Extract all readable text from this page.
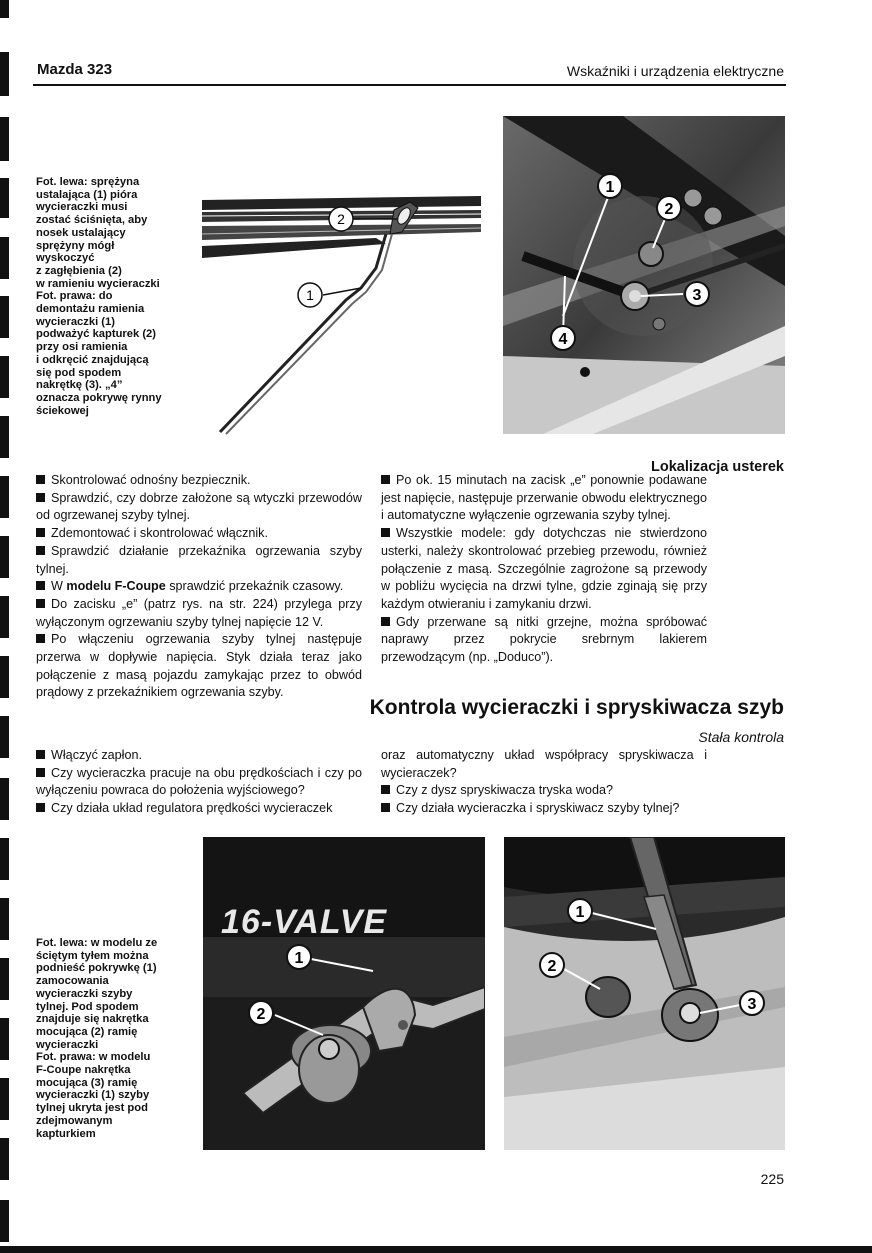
Mazda 323	Wskaźniki i urządzenia elektryczne
Fot. lewa: sprężyna
ustalająca (1) pióra
wycieraczki musi
zostać ściśnięta, aby
nosek ustalający
sprężyny mógł
wyskoczyć
z zagłębienia (2)
w ramieniu wycieraczki
Fot. prawa: do
demontażu ramienia
wycieraczki (1)
podważyć kapturek (2)
przy osi ramienia
i odkręcić znajdującą
się pod spodem
nakrętkę (3). „4”
oznacza pokrywę rynny
ściekowej
2
1
1
2
3
4
Lokalizacja usterek

Skontrolować odnośny bezpiecznik.

Sprawdzić, czy dobrze założone są wtyczki przewodów od ogrzewanej szyby tylnej.

Zdemontować i skontrolować włącznik.

Sprawdzić działanie przekaźnika ogrzewania szyby tylnej.

W modelu F-Coupe sprawdzić przekaźnik czasowy.

Do zacisku „e” (patrz rys. na str. 224) przylega przy wyłączonym ogrzewaniu szyby tylnej napięcie 12 V.

Po włączeniu ogrzewania szyby tylnej następuje przerwa w dopływie napięcia. Styk działa teraz jako połączenie z masą pojazdu zamykając przez to obwód prądowy z przekaźnikiem ogrzewania szyby.

Po ok. 15 minutach na zacisk „e” ponownie podawane jest napięcie, następuje przerwanie obwodu elektrycznego i automatyczne wyłączenie ogrzewania szyby tylnej.

Wszystkie modele: gdy dotychczas nie stwierdzono usterki, należy skontrolować przebieg przewodu, również połączenie z masą. Szczególnie zagrożone są przewody w pobliżu wycięcia na drzwi tylne, gdzie zginają się przy każdym otwieraniu i zamykaniu drzwi.

Gdy przerwane są nitki grzejne, można spróbować naprawy przez pokrycie srebrnym lakierem przewodzącym (np. „Doduco”).

Kontrola wycieraczki i spryskiwacza szyb
Stała kontrola

Włączyć zapłon.

Czy wycieraczka pracuje na obu prędkościach i czy po wyłączeniu powraca do położenia wyjściowego?

Czy działa układ regulatora prędkości wycieraczek

oraz automatyczny układ współpracy spryskiwacza i wycieraczek?

Czy z dysz spryskiwacza tryska woda?

Czy działa wycieraczka i spryskiwacz szyby tylnej?

Fot. lewa: w modelu ze
ściętym tyłem można
podnieść pokrywkę (1)
zamocowania
wycieraczki szyby
tylnej. Pod spodem
znajduje się nakrętka
mocująca (2) ramię
wycieraczki
Fot. prawa: w modelu
F-Coupe nakrętka
mocująca (3) ramię
wycieraczki (1) szyby
tylnej ukryta jest pod
zdejmowanym
kapturkiem
16-VALVE
1
2
1
2
3
225
